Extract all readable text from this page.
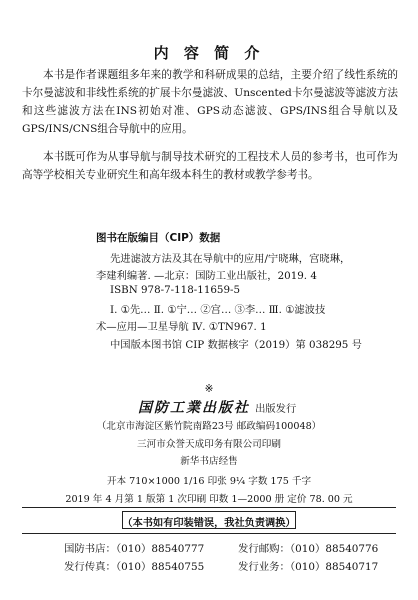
内 容 简 介
本书是作者课题组多年来的教学和科研成果的总结，主要介绍了线性系统的卡尔曼滤波和非线性系统的扩展卡尔曼滤波、Unscented卡尔曼滤波等滤波方法和这些滤波方法在INS初始对准、GPS动态滤波、GPS/INS组合导航以及GPS/INS/CNS组合导航中的应用。
本书既可作为从事导航与制导技术研究的工程技术人员的参考书，也可作为高等学校相关专业研究生和高年级本科生的教材或教学参考书。
图书在版编目（CIP）数据
先进滤波方法及其在导航中的应用/宁晓琳，宫晓琳，
李建利编著. —北京：国防工业出版社，2019. 4
ISBN 978-7-118-11659-5
Ⅰ. ①先… Ⅱ. ①宁… ②宫… ③李… Ⅲ. ①滤波技
术—应用—卫星导航 Ⅳ. ①TN967. 1
中国版本图书馆 CIP 数据核字（2019）第 038295 号
※
国防工業出版社 出版发行
（北京市海淀区紫竹院南路23号 邮政编码100048）
三河市众誉天成印务有限公司印刷
新华书店经售
开本 710×1000 1/16 印张 9¼ 字数 175 千字
2019 年 4 月第 1 版第 1 次印刷 印数 1—2000 册 定价 78. 00 元
（本书如有印装错误，我社负责调换）
国防书店：（010）88540777	发行邮购：（010）88540776
发行传真：（010）88540755	发行业务：（010）88540717
